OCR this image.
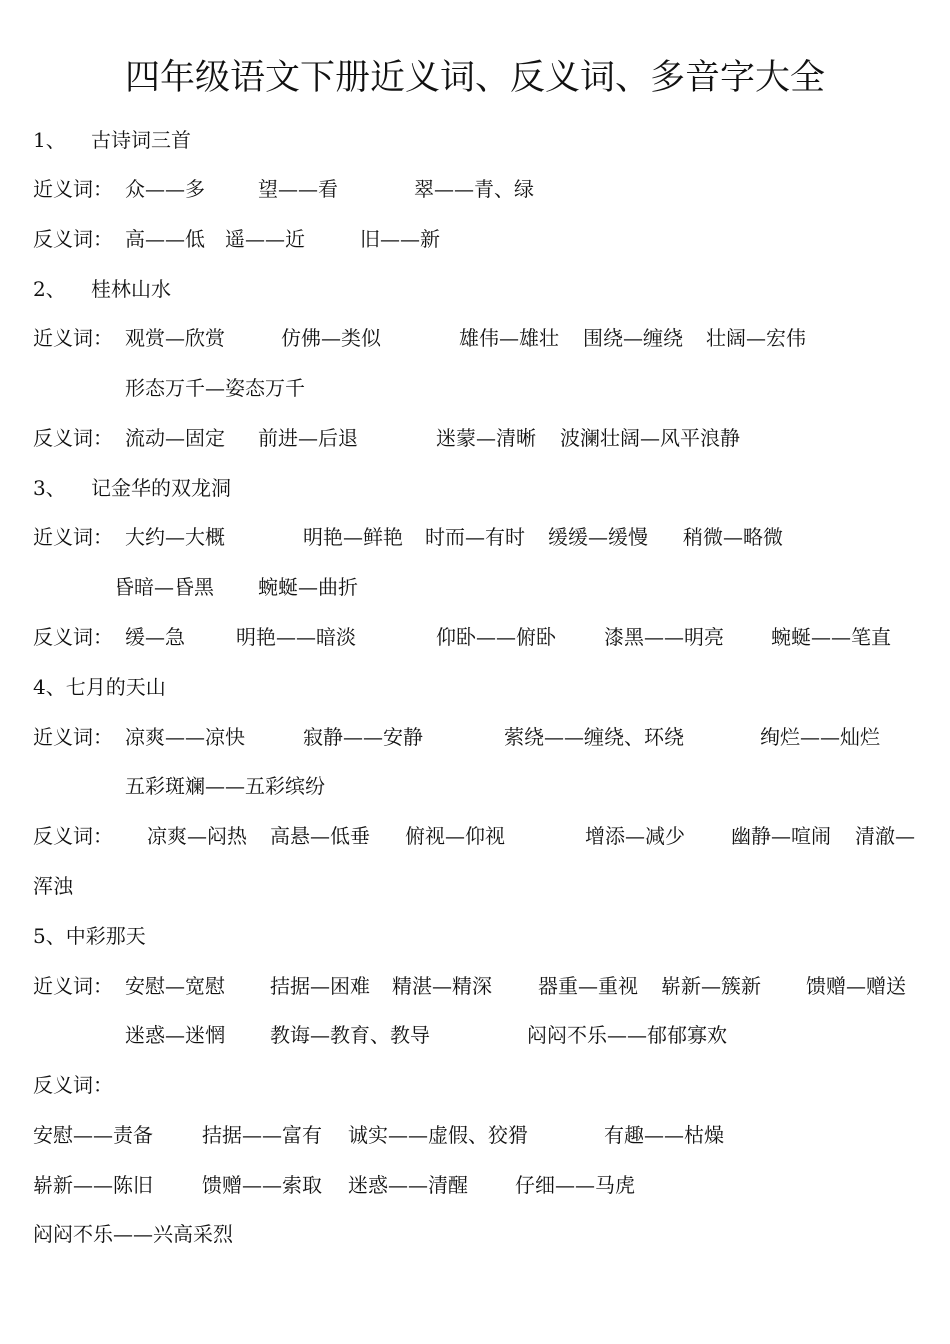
四年级语文下册近义词、反义词、多音字大全
1、 古诗词三首
近义词： 众——多	望——看	翠——青、绿
反义词： 高——低 遥——近	旧——新
2、 桂林山水
近义词： 观赏—欣赏	仿佛—类似	雄伟—雄壮 围绕—缠绕 壮阔—宏伟
形态万千—姿态万千
反义词： 流动—固定 前进—后退	迷蒙—清晰 波澜壮阔—风平浪静
3、 记金华的双龙洞
近义词： 大约—大概	明艳—鲜艳 时而—有时 缓缓—缓慢 稍微—略微
昏暗—昏黑 蜿蜒—曲折
反义词： 缓—急	明艳——暗淡	仰卧——俯卧 漆黑——明亮 蜿蜒——笔直
4、七月的天山
近义词： 凉爽——凉快	寂静——安静	萦绕——缠绕、环绕	绚烂——灿烂
五彩斑斓——五彩缤纷
反义词： 凉爽—闷热 高悬—低垂 俯视—仰视	增添—减少 幽静—喧闹 清澈—
浑浊
5、中彩那天
近义词： 安慰—宽慰 拮据—困难 精湛—精深 器重—重视 崭新—簇新 馈赠—赠送
迷惑—迷惘 教诲—教育、教导	闷闷不乐——郁郁寡欢
反义词：
安慰——责备 拮据——富有 诚实——虚假、狡猾	有趣——枯燥
崭新——陈旧 馈赠——索取 迷惑——清醒 仔细——马虎
闷闷不乐——兴高采烈
